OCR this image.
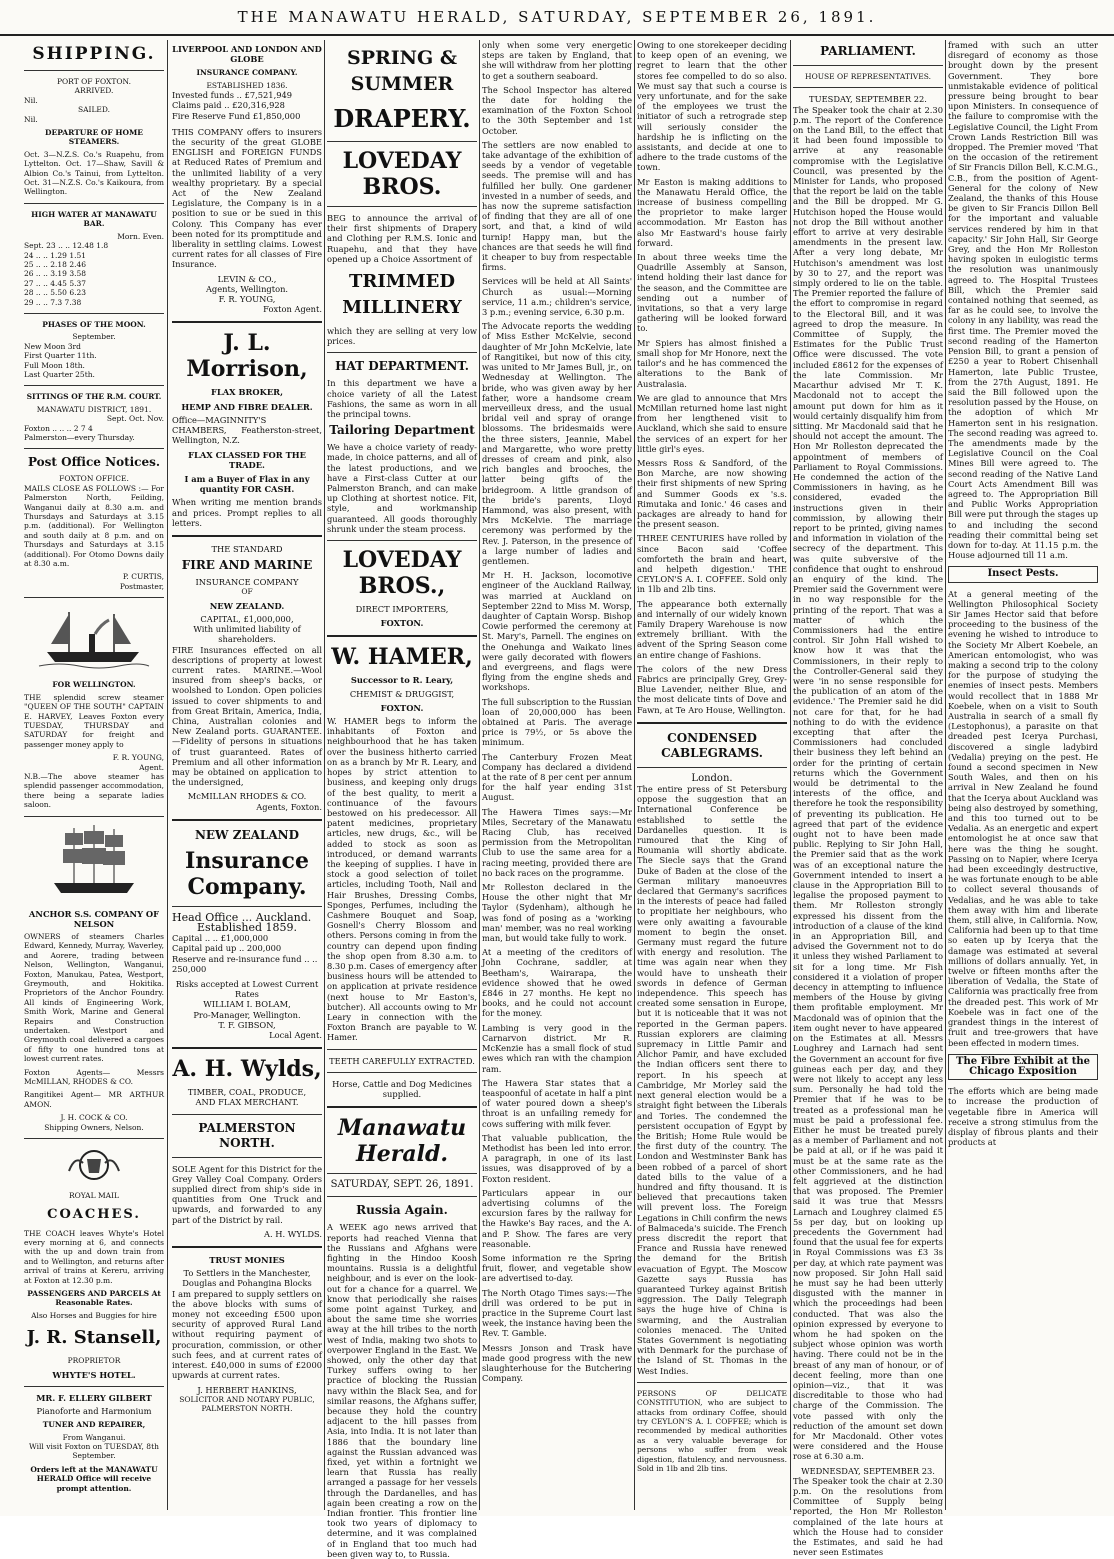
THE MANAWATU HERALD, SATURDAY, SEPTEMBER 26, 1891.
SHIPPING.
PORT OF FOXTON.
ARRIVED.
Nil.
SAILED.
Nil.
DEPARTURE OF HOME STEAMERS.

Oct. 3—N.Z.S. Co.'s Ruapehu, from Lyttelton. Oct. 17—Shaw, Savill & Albion Co.'s Tainui, from Lyttelton. Oct. 31—N.Z.S. Co.'s Kaikoura, from Wellington.

HIGH WATER AT MANAWATU BAR.
Morn. Even.
Sept. 23 .. .. 12.48 1.8
24 .. .. 1.29 1.51
25 .. .. 2.18 2.46
26 .. .. 3.19 3.58
27 .. .. 4.45 5.37
28 .. .. 5.50 6.23
29 .. .. 7.3 7.38
PHASES OF THE MOON.
September.
New Moon 3rd
First Quarter 11th.
Full Moon 18th.
Last Quarter 25th.
SITTINGS OF THE R.M. COURT.
MANAWATU DISTRICT, 1891.
Sept. Oct. Nov.
Foxton .. .. .. 2 7 4
Palmerston—every Thursday.
Post Office Notices.
FOXTON OFFICE.

MAILS CLOSE AS FOLLOWS :— For Palmerston North, Feilding, Wanganui daily at 8.30 a.m. and Thursdays and Saturdays at 3.15 p.m. (additional). For Wellington and south daily at 8 p.m. and on Thursdays and Saturdays at 3.15 (additional). For Otomo Downs daily at 8.30 a.m.

P. CURTIS,
Postmaster,
FOR WELLINGTON.

THE splendid screw steamer "QUEEN OF THE SOUTH" CAPTAIN E. HARVEY, Leaves Foxton every TUESDAY, THURSDAY and SATURDAY for freight and passenger money apply to

F. R. YOUNG,
Agent.

N.B.—The above steamer has splendid passenger accommodation, there being a separate ladies saloon.

ANCHOR S.S. COMPANY OF NELSON

OWNERS of steamers Charles Edward, Kennedy, Murray, Waverley, and Aorere, trading between Nelson, Wellington, Wanganui, Foxton, Manukau, Patea, Westport, Greymouth, and Hokitika. Proprietors of the Anchor Foundry. All kinds of Engineering Work, Smith Work, Marine and General Repairs and Construction undertaken. Westport and Greymouth coal delivered a cargoes of fifty to one hundred tons at lowest current rates.

Foxton Agents— Messrs McMILLAN, RHODES & CO.

Rangitikei Agent— MR ARTHUR AMON.

J. H. COCK & CO.
Shipping Owners, Nelson.
ROYAL MAIL
COACHES.

THE COACH leaves Whyte's Hotel every morning at 6, and connects with the up and down train from and to Wellington, and returns after arrival of trains at Kereru, arriving at Foxton at 12.30 p.m.

PASSENGERS AND PARCELS At Reasonable Rates.
Also Horses and Buggies for hire
J. R. Stansell,
PROPRIETOR
WHYTE'S HOTEL.
MR. F. ELLERY GILBERT
Pianoforte and Harmonium
TUNER AND REPAIRER,
From Wanganui.
Will visit Foxton on TUESDAY, 8th September.
Orders left at the MANAWATU HERALD Office will receive prompt attention.
LIVERPOOL AND LONDON AND GLOBE
INSURANCE COMPANY.
ESTABLISHED 1836.
Invested funds .. £7,521,949
Claims paid .. £20,316,928
Fire Reserve Fund £1,850,000

THIS COMPANY offers to insurers the security of the great GLOBE ENGLISH and FOREIGN FUNDS at Reduced Rates of Premium and the unlimited liability of a very wealthy proprietary. By a special Act of the New Zealand Legislature, the Company is in a position to sue or be sued in this Colony. This Company has ever been noted for its promptitude and liberality in settling claims. Lowest current rates for all classes of Fire Insurance.

LEVIN & CO.,
Agents, Wellington.
F. R. YOUNG,
Foxton Agent.
J. L. Morrison,
FLAX BROKER,
HEMP AND FIBRE DEALER.

Office—MAGINNITY'S CHAMBERS, Featherston-street, Wellington, N.Z.

FLAX CLASSED FOR THE TRADE.
I am a Buyer of Flax in any quantity FOR CASH.

When writing me mention brands and prices. Prompt replies to all letters.

THE STANDARD
FIRE AND MARINE
INSURANCE COMPANY
OF
NEW ZEALAND.
CAPITAL, £1,000,000,
With unlimited liability of shareholders.

FIRE Insurances effected on all descriptions of property at lowest current rates. MARINE.—Wool insured from sheep's backs, or woolshed to London. Open policies issued to cover shipments to and from Great Britain, America, India, China, Australian colonies and New Zealand ports. GUARANTEE.—Fidelity of persons in situations of trust guaranteed. Rates of Premium and all other information may be obtained on application to the undersigned,

McMILLAN RHODES & CO.
Agents, Foxton.
NEW ZEALAND
Insurance Company.
Head Office ... Auckland.
Established 1859.
Capital .. .. £1,000,000
Capital paid up .. 200,000
Reserve and re-insurance fund .. .. 250,000
Risks accepted at Lowest Current Rates
WILLIAM I. BOLAM,
Pro-Manager, Wellington.
T. F. GIBSON,
Local Agent.
A. H. Wylds,
TIMBER, COAL, PRODUCE,
AND FLAX MERCHANT.
PALMERSTON NORTH.

SOLE Agent for this District for the Grey Valley Coal Company. Orders supplied direct from ship's side in quantities from One Truck and upwards, and forwarded to any part of the District by rail.

A. H. WYLDS.
TRUST MONIES
To Settlers in the Manchester, Douglas and Pohangina Blocks

I am prepared to supply settlers on the above blocks with sums of money not exceeding £500 upon security of approved Rural Land without requiring payment of procuration, commission, or other such fees, and at current rates of interest. £40,000 in sums of £2000 upwards at current rates.

J. HERBERT HANKINS,
SOLICITOR AND NOTARY PUBLIC,
PALMERSTON NORTH.
SPRING & SUMMER
DRAPERY.
LOVEDAY BROS.

BEG to announce the arrival of their first shipments of Drapery and Clothing per R.M.S. Ionic and Ruapehu, and that they have opened up a Choice Assortment of

TRIMMED MILLINERY

which they are selling at very low prices.

HAT DEPARTMENT.

In this department we have a choice variety of all the Latest Fashions, the same as worn in all the principal towns.

Tailoring Department

We have a choice variety of ready-made, in choice patterns, and all of the latest productions, and we have a First-class Cutter at our Palmerston Branch, and can make up Clothing at shortest notice. Fit, style, and workmanship guaranteed. All goods thoroughly shrunk under the steam process.

LOVEDAY BROS.,
DIRECT IMPORTERS,
FOXTON.
W. HAMER,
Successor to R. Leary,
CHEMIST & DRUGGIST,
FOXTON.

W. HAMER begs to inform the inhabitants of Foxton and neighbourhood that he has taken over the business hitherto carried on as a branch by Mr R. Leary, and hopes by strict attention to business, and keeping only drugs of the best quality, to merit a continuance of the favours bestowed on his predecessor. All patent medicines, proprietary articles, new drugs, &c., will be added to stock as soon as introduced, or demand warrants the keeping of supplies. I have in stock a good selection of toilet articles, including Tooth, Nail and Hair Brushes, Dressing Combs, Sponges, Perfumes, including the Cashmere Bouquet and Soap, Gosnell's Cherry Blossom and others. Persons coming in from the country can depend upon finding the shop open from 8.30 a.m. to 8.30 p.m. Cases of emergency after business hours will be attended to on application at private residence (next house to Mr Easton's, butcher). All accounts owing to Mr Leary in connection with the Foxton Branch are payable to W. Hamer.

TEETH CAREFULLY EXTRACTED.
Horse, Cattle and Dog Medicines supplied.
Manawatu Herald.
SATURDAY, SEPT. 26, 1891.
Russia Again.

A WEEK ago news arrived that reports had reached Vienna that the Russians and Afghans were fighting in the Hindoo Koosh mountains. Russia is a delightful neighbour, and is ever on the look-out for a chance for a quarrel. We know that periodically she raises some point against Turkey, and about the same time she worries away at the hill tribes to the north west of India, making two shots to overpower England in the East. We showed, only the other day that Turkey suffers owing to her practice of blocking the Russian navy within the Black Sea, and for similar reasons, the Afghans suffer, because they hold the country adjacent to the hill passes from Asia, into India. It is not later than 1886 that the boundary line against the Russian advanced was fixed, yet within a fortnight we learn that Russia has really arranged a passage for her vessels through the Dardanelles, and has again been creating a row on the Indian frontier. This frontier line took two years of diplomacy to determine, and it was complained of in England that too much had been given way to, to Russia.

only when some very energetic steps are taken by England, that she will withdraw from her plotting to get a southern seaboard.

The School Inspector has altered the date for holding the examination of the Foxton School to the 30th September and 1st October.

The settlers are now enabled to take advantage of the exhibition of seeds by a vendor of vegetable seeds. The premise will and has fulfilled her bully. One gardener invested in a number of seeds, and has now the supreme satisfaction of finding that they are all of one sort, and that, a kind of wild turnip! Happy man, but the chances are that seeds he will find it cheaper to buy from respectable firms.

Services will be held at All Saints' Church as usual:—Morning service, 11 a.m.; children's service, 3 p.m.; evening service, 6.30 p.m.

The Advocate reports the wedding of Miss Esther McKelvie, second daughter of Mr John McKelvie, late of Rangitikei, but now of this city, was united to Mr James Bull, jr., on Wednesday at Wellington. The bride, who was given away by her father, wore a handsome cream merveilleux dress, and the usual bridal veil and spray of orange blossoms. The bridesmaids were the three sisters, Jeannie, Mabel and Margarette, who wore pretty dresses of cream and pink, also rich bangles and brooches, the latter being gifts of the bridegroom. A little grandson of the bride's parents, Lloyd Hammond, was also present, with Mrs McKelvie. The marriage ceremony was performed by the Rev. J. Paterson, in the presence of a large number of ladies and gentlemen.

Mr H. H. Jackson, locomotive engineer of the Auckland Railway, was married at Auckland on September 22nd to Miss M. Worsp, daughter of Captain Worsp. Bishop Cowie performed the ceremony at St. Mary's, Parnell. The engines on the Onehunga and Waikato lines were gaily decorated with flowers and evergreens, and flags were flying from the engine sheds and workshops.

The full subscription to the Russian loan of 20,000,000 has been obtained at Paris. The average price is 79½, or 5s above the minimum.

The Canterbury Frozen Meat Company has declared a dividend at the rate of 8 per cent per annum for the half year ending 31st August.

The Hawera Times says:—Mr Miles, Secretary of the Manawatu Racing Club, has received permission from the Metropolitan Club to use the same area for a racing meeting, provided there are no back races on the programme.

Mr Rolleston declared in the House the other night that Mr Taylor (Sydenham), although he was fond of posing as a 'working man' member, was no real working man, but would take fully to work.

At a meeting of the creditors of John Cochrane, saddler, at Beetham's, Wairarapa, the evidence showed that he owed £846 in 27 months. He kept no books, and he could not account for the money.

Lambing is very good in the Carnarvon district. Mr R. McKenzie has a small flock of stud ewes which ran with the champion ram.

The Hawera Star states that a teaspoonful of acetate in half a pint of water poured down a sheep's throat is an unfailing remedy for cows suffering with milk fever.

That valuable publication, the Methodist has been led into error. A paragraph, in one of its last issues, was disapproved of by a Foxton resident.

Particulars appear in our advertising columns of the excursion fares by the railway for the Hawke's Bay races, and the A. and P. Show. The fares are very reasonable.

Some information re the Spring fruit, flower, and vegetable show are advertised to-day.

The North Otago Times says:—The drill was ordered to be put in practice in the Supreme Court last week, the instance having been the Rev. T. Gamble.

Messrs Jonson and Trask have made good progress with the new slaughterhouse for the Butchering Company.

Owing to one storekeeper deciding to keep open of an evening, we regret to learn that the other stores fee compelled to do so also. We must say that such a course is very unfortunate, and for the sake of the employees we trust the initiator of such a retrograde step will seriously consider the hardship he is inflicting on the assistants, and decide at one to adhere to the trade customs of the town.

Mr Easton is making additions to the Manawatu Herald Office, the increase of business compelling the proprietor to make larger accommodation. Mr Easton has also Mr Eastward's house fairly forward.

In about three weeks time the Quadrille Assembly at Sanson, intend holding their last dance for the season, and the Committee are sending out a number of invitations, so that a very large gathering will be looked forward to.

Mr Spiers has almost finished a small shop for Mr Honore, next the tailor's and he has commenced the alterations to the Bank of Australasia.

We are glad to announce that Mrs McMillan returned home last night from her lengthened visit to Auckland, which she said to ensure the services of an expert for her little girl's eyes.

Messrs Ross & Sandford, of the Bon Marche, are now showing their first shipments of new Spring and Summer Goods ex 's.s. Rimutaka and Ionic.' 46 cases and packages are already to hand for the present season.

THREE CENTURIES have rolled by since Bacon said 'Coffee comforteth the brain and heart, and helpeth digestion.' THE CEYLON'S A. I. COFFEE. Sold only in 1lb and 2lb tins.

The appearance both externally and internally of our widely known Family Drapery Warehouse is now extremely brilliant. With the advent of the Spring Season come an entire change of Fashions.

The colors of the new Dress Fabrics are principally Grey, Grey-Blue Lavender, neither Blue, and the most delicate tints of Dove and Fawn, at Te Aro House, Wellington.

CONDENSED CABLEGRAMS.
London.

The entire press of St Petersburg oppose the suggestion that an International Conference be established to settle the Dardanelles question. It is rumoured that the King of Roumania will shortly abdicate. The Siecle says that the Grand Duke of Baden at the close of the German military manoeuvres declared that Germany's sacrifices in the interests of peace had failed to propitiate her neighbours, who were only awaiting a favourable moment to begin the onset. Germany must regard the future with energy and resolution. The time was again near when they would have to unsheath their swords in defence of German independence. This speech has created some sensation in Europe, but it is noticeable that it was not reported in the German papers. Russian explorers are claiming supremacy in Little Pamir and Alichor Pamir, and have excluded the Indian officers sent there to report. In his speech at Cambridge, Mr Morley said the next general election would be a straight fight between the Liberals and Tories. The condemned the persistent occupation of Egypt by the British; Home Rule would be the first duty of the country. The London and Westminster Bank has been robbed of a parcel of short dated bills to the value of a hundred and fifty thousand. It is believed that precautions taken will prevent loss. The Foreign Legations in Chili confirm the news of Balmaceda's suicide. The French press discredit the report that France and Russia have renewed the demand for the British evacuation of Egypt. The Moscow Gazette says Russia has guaranteed Turkey against British aggression. The Daily Telegraph says the huge hive of China is swarming, and the Australian colonies menaced. The United States Government is negotiating with Denmark for the purchase of the Island of St. Thomas in the West Indies.

PERSONS OF DELICATE CONSTITUTION, who are subject to attacks from ordinary Coffee, should try CEYLON'S A. I. COFFEE; which is recommended by medical authorities as a very valuable beverage for persons who suffer from weak digestion, flatulency, and nervousness. Sold in 1lb and 2lb tins.

PARLIAMENT.
HOUSE OF REPRESENTATIVES.
TUESDAY, SEPTEMBER 22.

The Speaker took the chair at 2.30 p.m. The report of the Conference on the Land Bill, to the effect that it had been found impossible to arrive at any reasonable compromise with the Legislative Council, was presented by the Minister for Lands, who proposed that the report be laid on the table and the Bill be dropped. Mr G. Hutchison hoped the House would not drop the Bill without another effort to arrive at very desirable amendments in the present law. After a very long debate, Mr Hutchison's amendment was lost by 30 to 27, and the report was simply ordered to lie on the table. The Premier reported the failure of the effort to compromise in regard to the Electoral Bill, and it was agreed to drop the measure. In Committee of Supply, the Estimates for the Public Trust Office were discussed. The vote included £8612 for the expenses of the late Commission. Mr Macarthur advised Mr T. K. Macdonald not to accept the amount put down for him as it would certainly disqualify him from sitting. Mr Macdonald said that he should not accept the amount. The Hon Mr Rolleston deprecated the appointment of members of Parliament to Royal Commissions. He condemned the action of the Commissioners in having, as he considered, evaded the instructions given in their commission, by allowing their report to be printed, giving names and information in violation of the secrecy of the department. This was quite subversive of the confidence that ought to enshroud an enquiry of the kind. The Premier said the Government were in no way responsible for the printing of the report. That was a matter of which the Commissioners had the entire control. Sir John Hall wished to know how it was that the Commissioners, in their reply to the Controller-General said they were 'in no sense responsible for the publication of an atom of the evidence.' The Premier said he did not care for that, for he had nothing to do with the evidence excepting that after the Commissioners had concluded their business they left behind an order for the printing of certain returns which the Government would be detrimental to the interests of the office, and therefore he took the responsibility of preventing its publication. He agreed that part of the evidence ought not to have been made public. Replying to Sir John Hall, the Premier said that as the work was of an exceptional nature the Government intended to insert a clause in the Appropriation Bill to legalise the proposed payment to them. Mr Rolleston strongly expressed his dissent from the introduction of a clause of the kind in an Appropriation Bill, and advised the Government not to do it unless they wished Parliament to sit for a long time. Mr Fish considered it a violation of proper decency in attempting to influence members of the House by giving them profitable employment. Mr Macdonald was of opinion that the item ought never to have appeared on the Estimates at all. Messrs Loughrey and Larnach had sent the Government an account for five guineas each per day, and they were not likely to accept any less sum. Personally he had told the Premier that if he was to be treated as a professional man he must be paid a professional fee. Either he must be treated purely as a member of Parliament and not be paid at all, or if he was paid it must be at the same rate as the other Commissioners, and he had felt aggrieved at the distinction that was proposed. The Premier said it was true that Messrs Larnach and Loughrey claimed £5 5s per day, but on looking up precedents the Government had found that the usual fee for experts in Royal Commissions was £3 3s per day, at which rate payment was now proposed. Sir John Hall said he must say he had been utterly disgusted with the manner in which the proceedings had been conducted. That was also the opinion expressed by everyone to whom he had spoken on the subject whose opinion was worth having. There could not be in the breast of any man of honour, or of decent feeling, more than one opinion—viz., that it was discreditable to those who had charge of the Commission. The vote passed with only the reduction of the amount set down for Mr Macdonald. Other votes were considered and the House rose at 6.30 a.m.

WEDNESDAY, SEPTEMBER 23.

The Speaker took the chair at 2.30 p.m. On the resolutions from Committee of Supply being reported, the Hon Mr Rolleston complained of the late hours at which the House had to consider the Estimates, and said he had never seen Estimates

framed with such an utter disregard of economy as those brought down by the present Government. They bore unmistakable evidence of political pressure being brought to bear upon Ministers. In consequence of the failure to compromise with the Legislative Council, the Light From Crown Lands Restriction Bill was dropped. The Premier moved 'That on the occasion of the retirement of Sir Francis Dillon Bell, K.C.M.G., C.B., from the position of Agent-General for the colony of New Zealand, the thanks of this House be given to Sir Francis Dillon Bell for the important and valuable services rendered by him in that capacity.' Sir John Hall, Sir George Grey, and the Hon Mr Rolleston having spoken in eulogistic terms the resolution was unanimously agreed to. The Hospital Trustees Bill, which the Premier said contained nothing that seemed, as far as he could see, to involve the colony in any liability, was read the first time. The Premier moved the second reading of the Hamerton Pension Bill, to grant a pension of £250 a year to Robert Chisenhall Hamerton, late Public Trustee, from the 27th August, 1891. He said the Bill followed upon the resolution passed by the House, on the adoption of which Mr Hamerton sent in his resignation. The second reading was agreed to. The amendments made by the Legislative Council on the Coal Mines Bill were agreed to. The second reading of the Native Land Court Acts Amendment Bill was agreed to. The Appropriation Bill and Public Works Appropriation Bill were put through the stages up to and including the second reading their committal being set down for to-day. At 11.15 p.m. the House adjourned till 11 a.m.

Insect Pests.

At a general meeting of the Wellington Philosophical Society Sir James Hector said that before proceeding to the business of the evening he wished to introduce to the Society Mr Albert Koebele, an American entomologist, who was making a second trip to the colony for the purpose of studying the enemies of insect pests. Members would recollect that in 1888 Mr Koebele, when on a visit to South Australia in search of a small fly (Lestophonus), a parasite on that dreaded pest Icerya Purchasi, discovered a single ladybird (Vedalia) preying on the pest. He found a second specimen in New South Wales, and then on his arrival in New Zealand he found that the Icerya about Auckland was being also destroyed by something, and this too turned out to be Vedalia. As an energetic and expert entomologist he at once saw that here was the thing he sought. Passing on to Napier, where Icerya had been exceedingly destructive, he was fortunate enough to be able to collect several thousands of Vedalias, and he was able to take them away with him and liberate them, still alive, in California. Now, California had been up to that time so eaten up by Icerya that the damage was estimated at several millions of dollars annually. Yet, in twelve or fifteen months after the liberation of Vedalia, the State of California was practically free from the dreaded pest. This work of Mr Koebele was in fact one of the grandest things in the interest of fruit and tree-growers that have been effected in modern times.

The Fibre Exhibit at the Chicago Exposition

The efforts which are being made to increase the production of vegetable fibre in America will receive a strong stimulus from the display of fibrous plants and their products at
